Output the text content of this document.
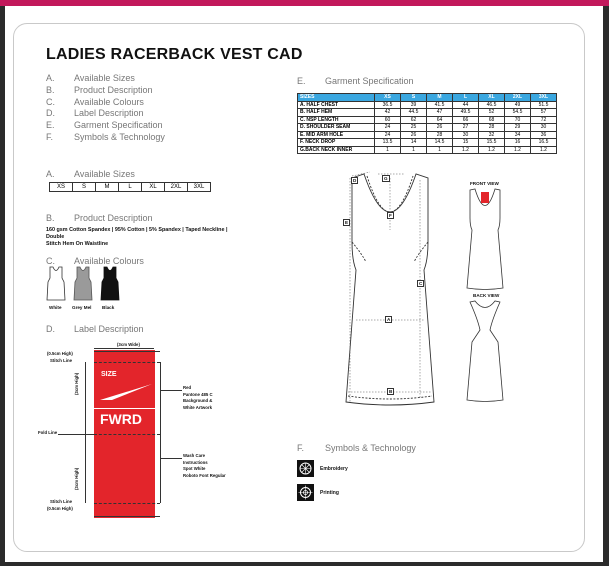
LADIES RACERBACK VEST CAD
A.	Available Sizes
B.	Product Description
C.	Available Colours
D.	Label Description
E.	Garment Specification
F.	Symbols & Technology
A. Available Sizes
XS	S	M	L	XL	2XL	3XL
B. Product Description
160 gsm Cotton Spandex | 95% Cotton | 5% Spandex | Taped Neckline | Double
Stitch Hem On Waistline
C. Available Colours
White Grey Mel Black
D. Label Description
(3cm Wide)
(0.5cm High)
Stitch Line
(3cm High)
(3cm High)
SIZE
FWRD
Fold Line
Stitch Line
(0.5cm High)
Red
Pantone 485 C
Background &
White Artwork
Wash Care
Instructions
Spot White
Roboto Font Regular
E. Garment Specification
SIZES	XS	S	M	L	XL	2XL	3XL
A. HALF CHEST	36.5	39	41.5	44	46.5	49	51.5
B. HALF HEM	42	44.5	47	49.5	52	54.5	57
C. NSP LENGTH	60	62	64	66	68	70	72
D. SHOULDER SEAM	24	25	26	27	28	29	30
E. MID ARM HOLE	24	26	28	30	32	34	36
F. NECK DROP	13.5	14	14.5	15	15.5	16	16.5
G.BACK NECK INNER	1	1	1	1.2	1.2	1.2	1.2
G
D
F
E
C
A
B
FRONT VIEW
BACK VIEW
F. Symbols & Technology
Embroidery
Printing
